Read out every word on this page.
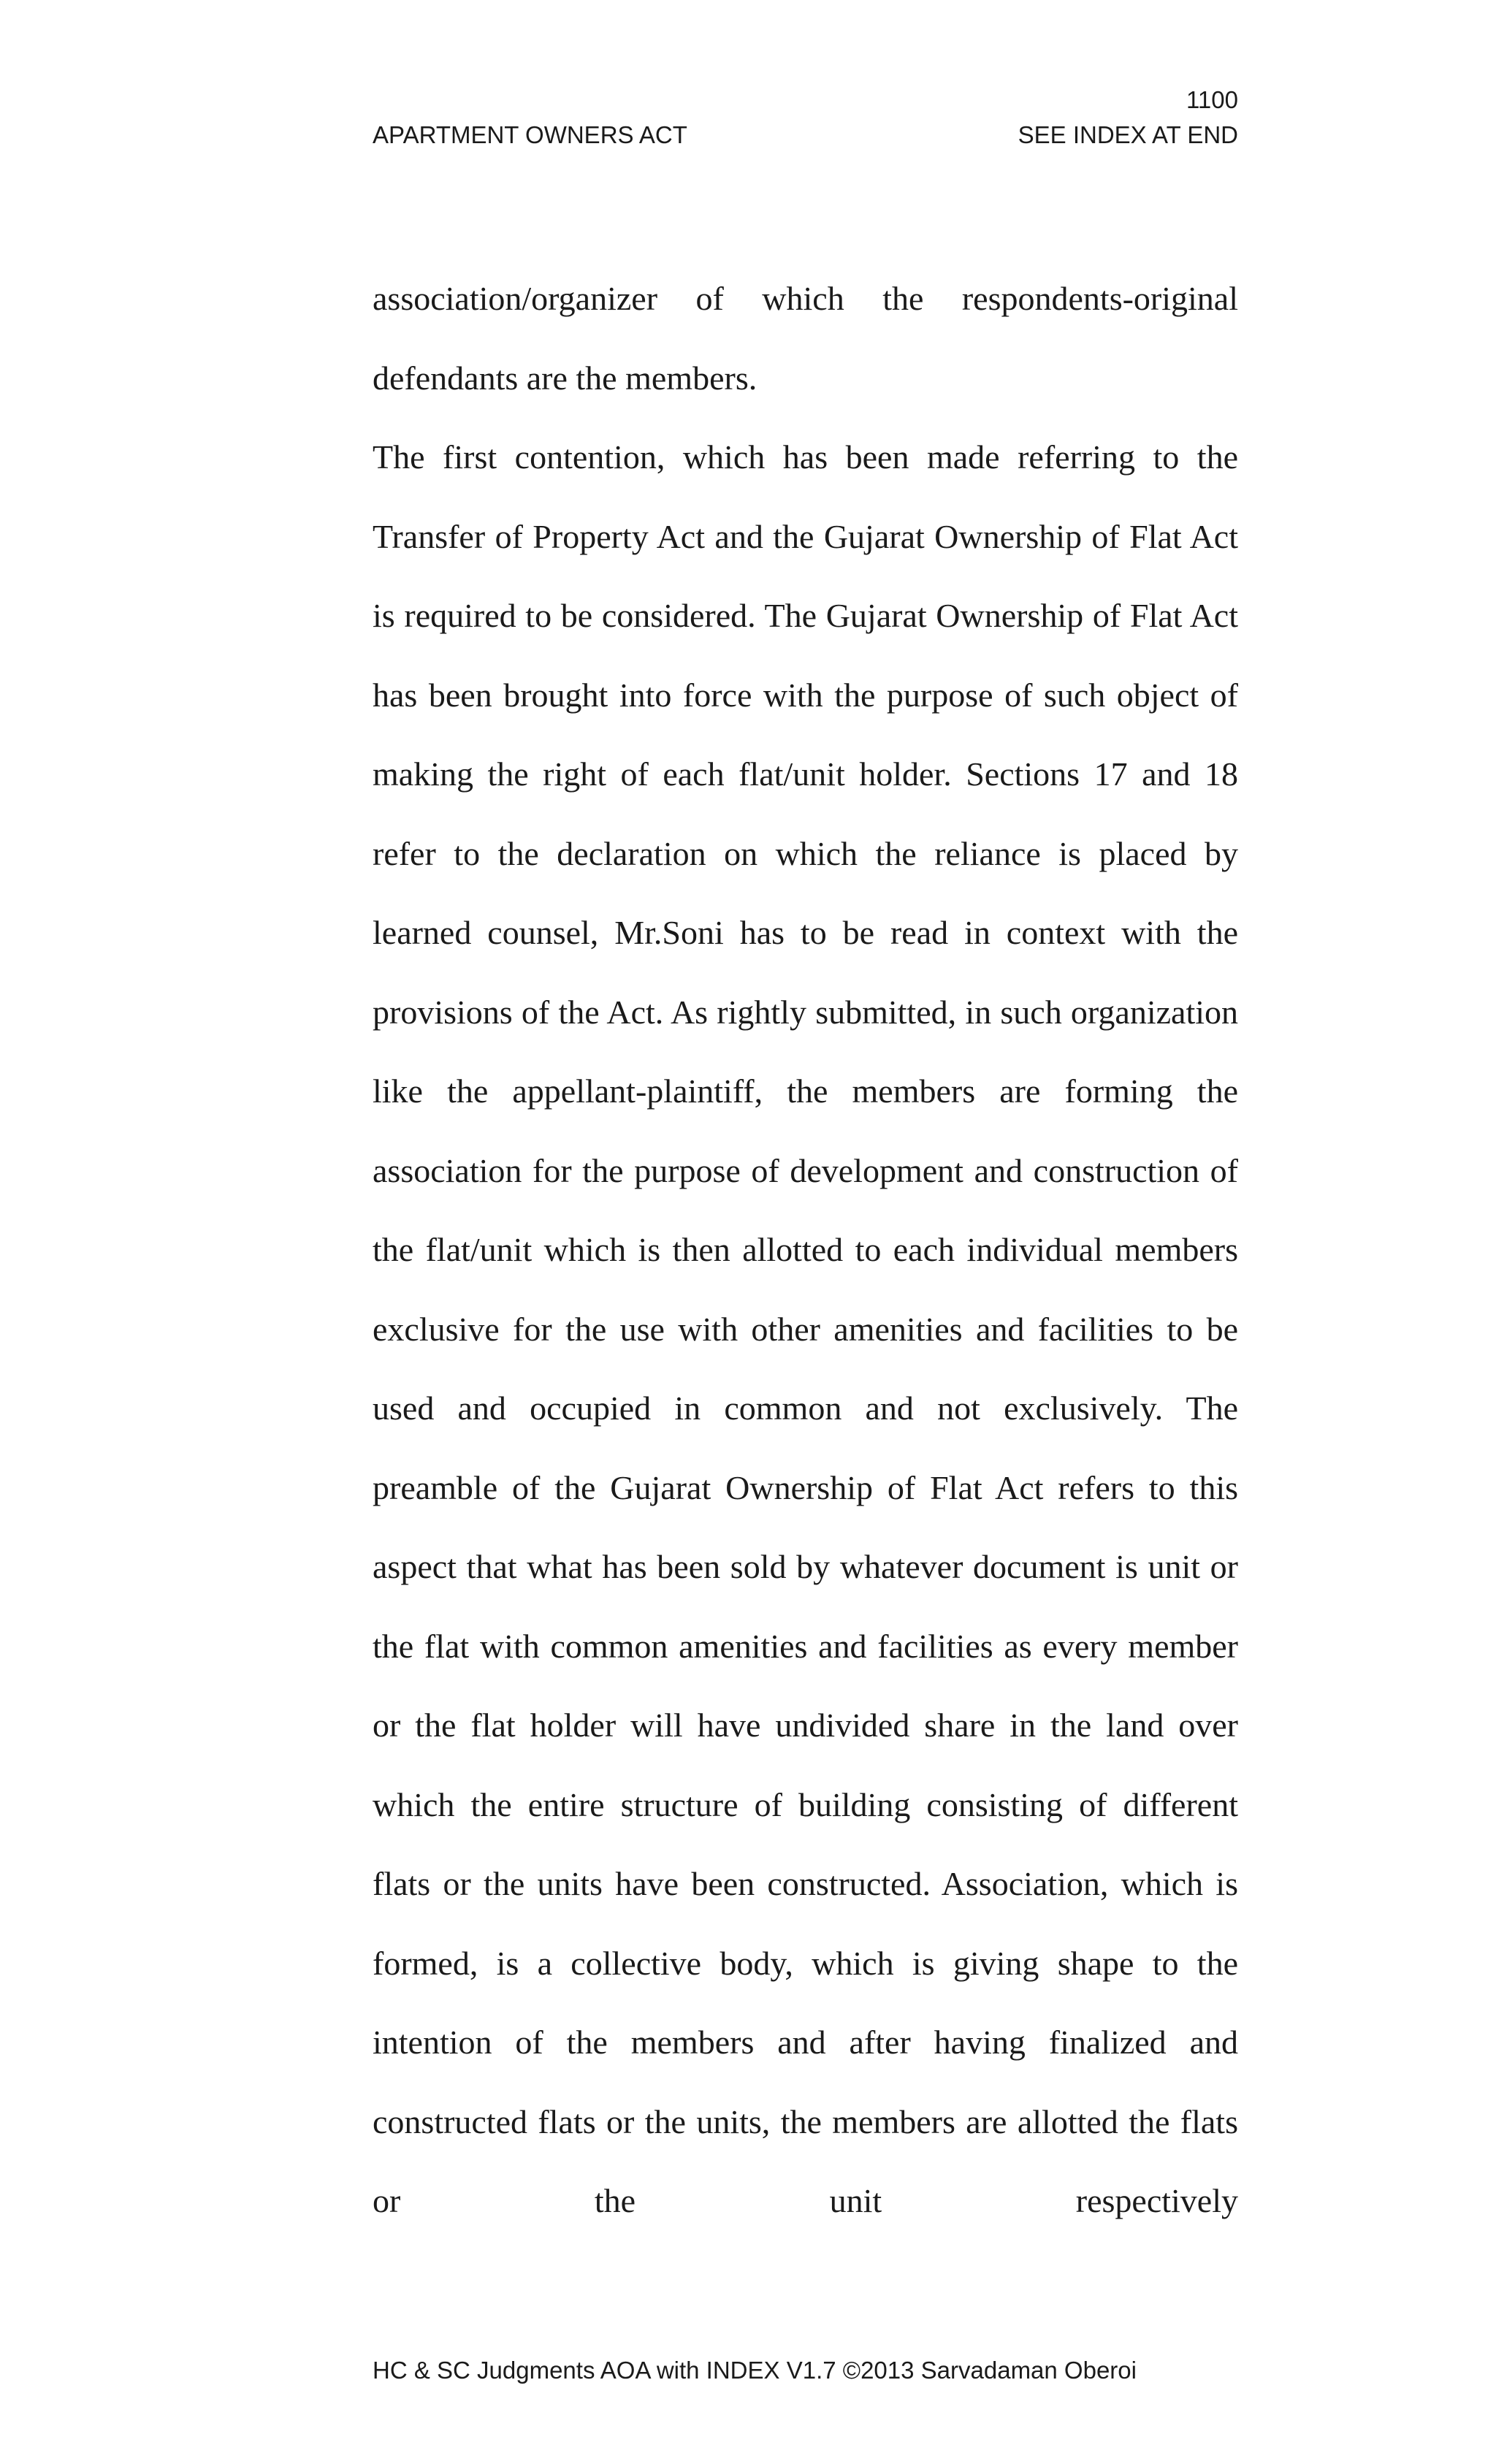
1100
APARTMENT OWNERS ACT	SEE INDEX AT END

association/organizer of which the respondents-original defendants are the members.

The first contention, which has been made referring to the Transfer of Property Act and the Gujarat Ownership of Flat Act is required to be considered. The Gujarat Ownership of Flat Act has been brought into force with the purpose of such object of making the right of each flat/unit holder. Sections 17 and 18 refer to the declaration on which the reliance is placed by learned counsel, Mr.Soni has to be read in context with the provisions of the Act. As rightly submitted, in such organization like the appellant-plaintiff, the members are forming the association for the purpose of development and construction of the flat/unit which is then allotted to each individual members exclusive for the use with other amenities and facilities to be used and occupied in common and not exclusively. The preamble of the Gujarat Ownership of Flat Act refers to this aspect that what has been sold by whatever document is unit or the flat with common amenities and facilities as every member or the flat holder will have undivided share in the land over which the entire structure of building consisting of different flats or the units have been constructed. Association, which is formed, is a collective body, which is giving shape to the intention of the members and after having finalized and constructed flats or the units, the members are allotted the flats or the unit respectively

HC & SC Judgments AOA with INDEX V1.7 ©2013 Sarvadaman Oberoi
